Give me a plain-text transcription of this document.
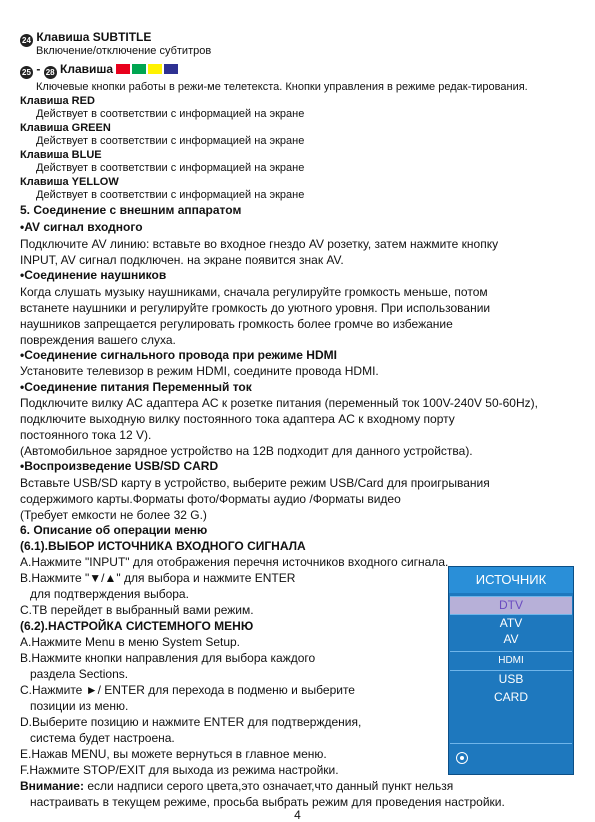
24 Клавиша SUBTITLE
Включение/отключение субтитров
25 - 28 Клавиша
Ключевые кнопки работы в режи-ме телетекста. Кнопки управления в режиме редак-тирования.
Клавиша RED
Действует в соответствии с информацией на экране
Клавиша GREEN
Действует в соответствии с информацией на экране
Клавиша BLUE
Действует в соответствии с информацией на экране
Клавиша YELLOW
Действует в соответствии с информацией на экране
5. Соединение с внешним аппаратом
•AV сигнал входного
Подключите AV линию: вставьте во входное гнездо AV розетку, затем нажмите кнопку
INPUT, AV сигнал подключен. на экране появится знак AV.
•Соединение наушников
Когда слушать музыку наушниками, сначала регулируйте громкость меньше, потом
встанете наушники и регулируйте громкость до уютного уровня. При использовании
наушников запрещается регулировать громкость более громче во избежание
повреждения вашего слуха.
•Соединение сигнального провода при режиме HDMI
Установите телевизор в режим HDMI, соедините провода HDMI.
•Соединение питания Переменный ток
Подключите вилку AC адаптера AC к розетке питания (переменный ток 100V-240V 50-60Hz),
подключите выходную вилку постоянного тока адаптера AC к входному порту
постоянного тока 12 V).
(Автомобильное зарядное устройство на 12В подходит для данного устройства).
•Воспроизведение USB/SD CARD
Вставьте USB/SD карту в устройство, выберите режим USB/Card для проигрывания
содержимого карты.Форматы фото/Форматы аудио /Форматы видео
(Требует емкости не более 32 G.)
6. Описание об операции меню
(6.1).ВЫБОР ИСТОЧНИКА ВХОДНОГО СИГНАЛА
A.Нажмите "INPUT" для отображения перечня источников входного сигнала.
B.Нажмите "▼/▲" для выбора и нажмите ENTER
для подтверждения выбора.
C.ТВ перейдет в выбранный вами режим.
(6.2).НАСТРОЙКА СИСТЕМНОГО МЕНЮ
A.Нажмите Menu в меню System Setup.
B.Нажмите кнопки направления для выбора каждого
раздела Sections.
C.Нажмите ►/ ENTER для перехода в подменю и выберите
позиции из меню.
D.Выберите позицию и нажмите ENTER для подтверждения,
система будет настроена.
E.Нажав MENU, вы можете вернуться в главное меню.
F.Нажмите STOP/EXIT для выхода из режима настройки.
Внимание: если надписи серого цвета,это означает,что данный пункт нельзя
настраивать в текущем режиме, просьба выбрать режим для проведения настройки.
ИСТОЧНИК
DTV
ATV
AV
HDMI
USB
CARD
4
